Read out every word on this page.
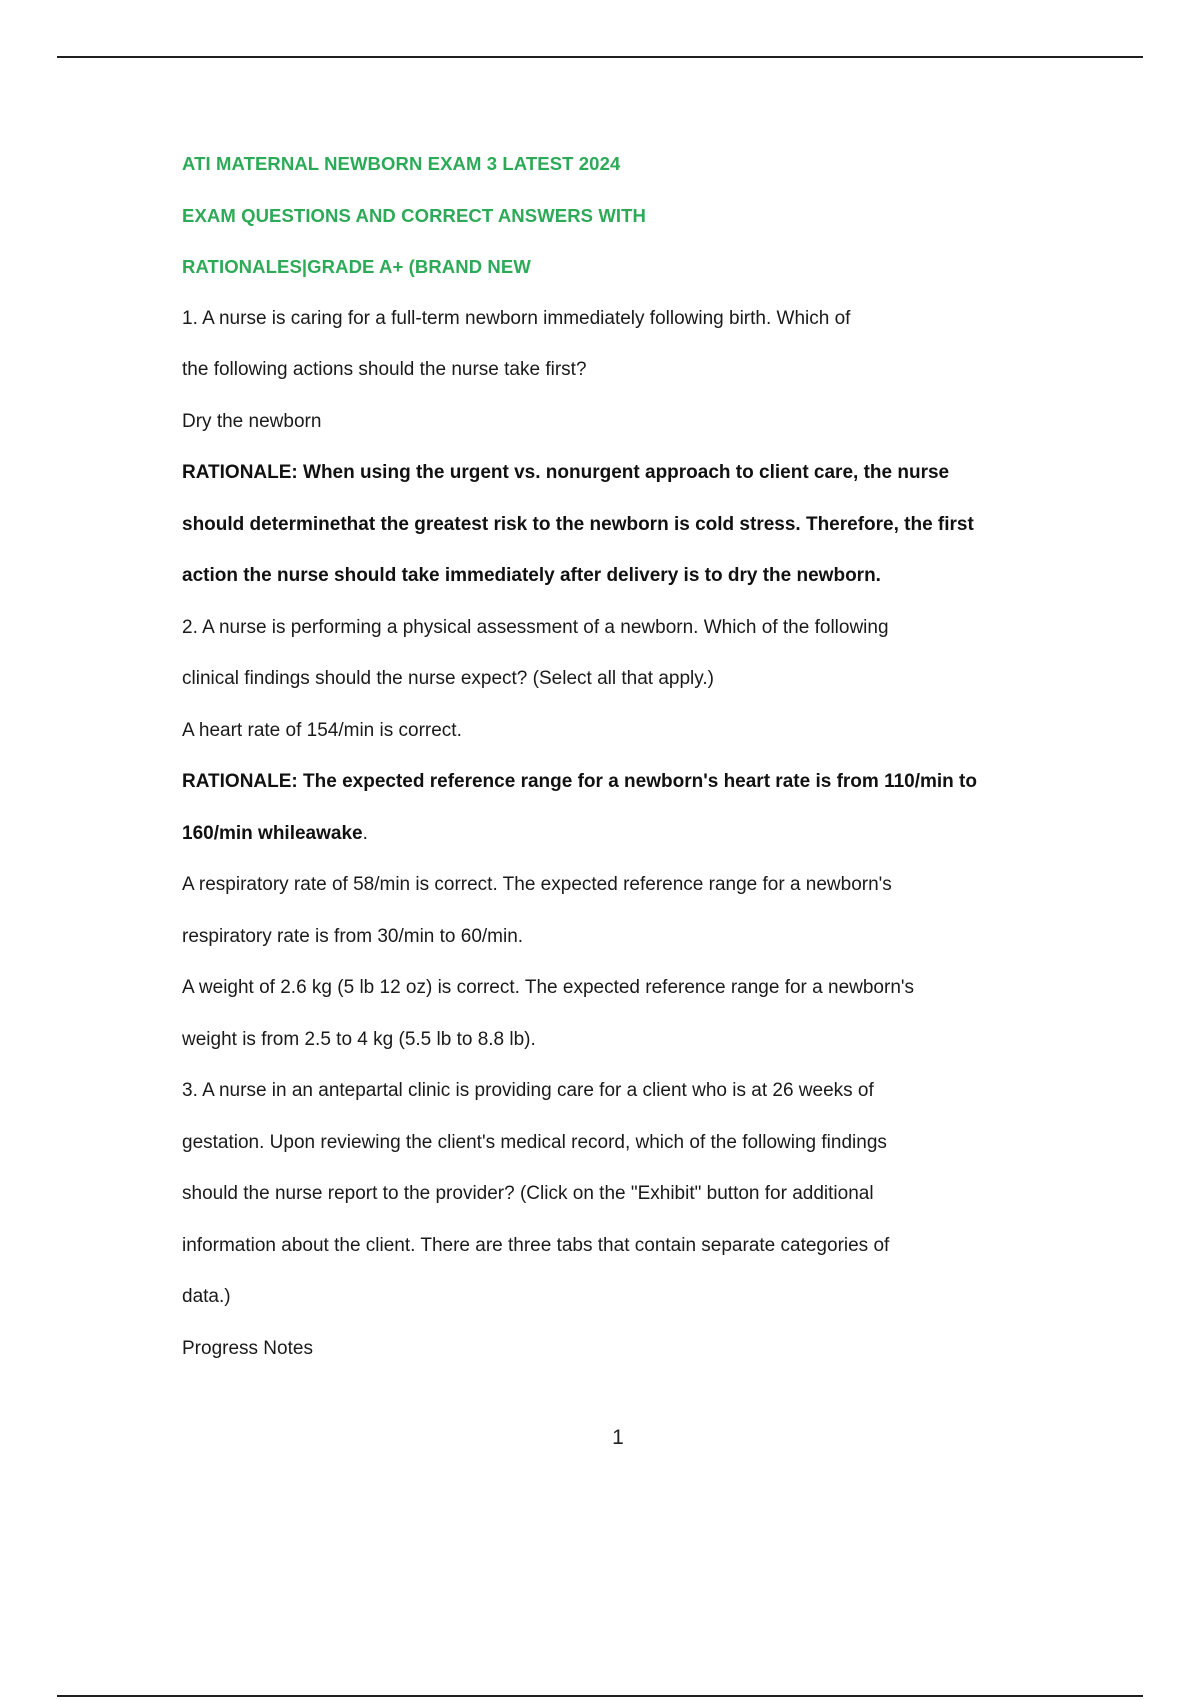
ATI MATERNAL NEWBORN EXAM 3 LATEST 2024
EXAM QUESTIONS AND CORRECT ANSWERS WITH
RATIONALES|GRADE A+ (BRAND NEW
1. A nurse is caring for a full-term newborn immediately following birth. Which of
the following actions should the nurse take first?
Dry the newborn
RATIONALE: When using the urgent vs. nonurgent approach to client care, the nurse
should determinethat the greatest risk to the newborn is cold stress. Therefore, the first
action the nurse should take immediately after delivery is to dry the newborn.
2. A nurse is performing a physical assessment of a newborn. Which of the following
clinical findings should the nurse expect? (Select all that apply.)
A heart rate of 154/min is correct.
RATIONALE: The expected reference range for a newborn's heart rate is from 110/min to
160/min whileawake.
A respiratory rate of 58/min is correct. The expected reference range for a newborn's
respiratory rate is from 30/min to 60/min.
A weight of 2.6 kg (5 lb 12 oz) is correct. The expected reference range for a newborn's
weight is from 2.5 to 4 kg (5.5 lb to 8.8 lb).
3. A nurse in an antepartal clinic is providing care for a client who is at 26 weeks of
gestation. Upon reviewing the client's medical record, which of the following findings
should the nurse report to the provider? (Click on the "Exhibit" button for additional
information about the client. There are three tabs that contain separate categories of
data.)
Progress Notes
1
